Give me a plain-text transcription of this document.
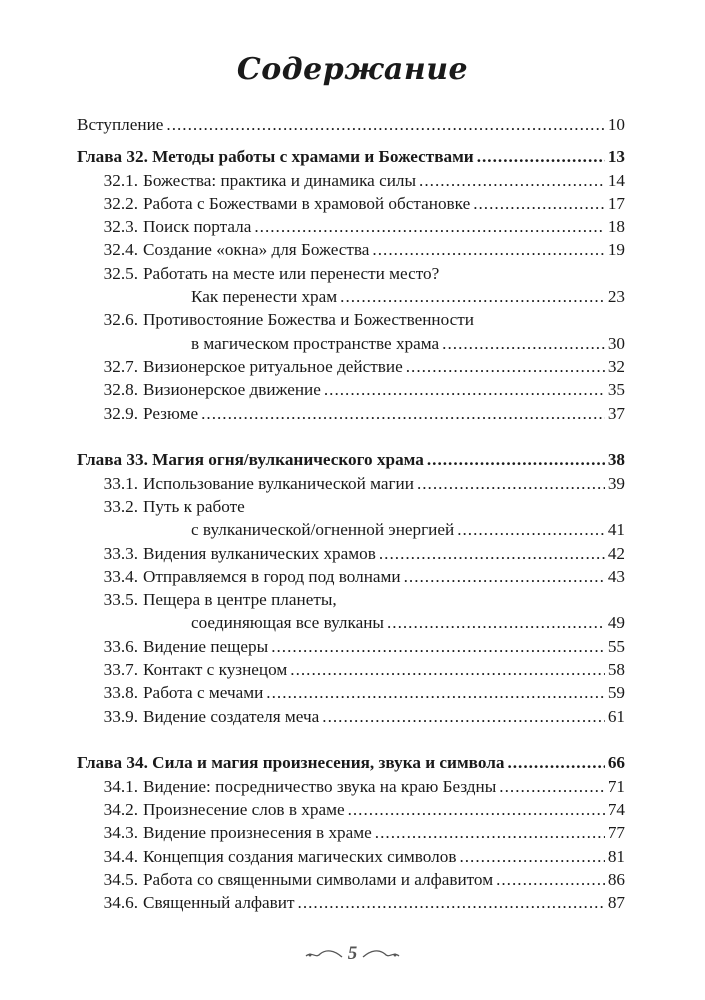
Содержание
Вступление .....	10
Глава 32. Методы работы с храмами и Божествами .....	13
32.1. Божества: практика и динамика силы .....	14
32.2. Работа с Божествами в храмовой обстановке .....	17
32.3. Поиск портала .....	18
32.4. Создание «окна» для Божества .....	19
32.5. Работать на месте или перенести место?
Как перенести храм .....	23
32.6. Противостояние Божества и Божественности
в магическом пространстве храма .....	30
32.7. Визионерское ритуальное действие .....	32
32.8. Визионерское движение .....	35
32.9. Резюме .....	37
Глава 33. Магия огня/вулканического храма .....	38
33.1. Использование вулканической магии .....	39
33.2. Путь к работе
с вулканической/огненной энергией .....	41
33.3. Видения вулканических храмов .....	42
33.4. Отправляемся в город под волнами .....	43
33.5. Пещера в центре планеты,
соединяющая все вулканы .....	49
33.6. Видение пещеры .....	55
33.7. Контакт с кузнецом .....	58
33.8. Работа с мечами .....	59
33.9. Видение создателя меча .....	61
Глава 34. Сила и магия произнесения, звука и символа .....	66
34.1. Видение: посредничество звука на краю Бездны .....	71
34.2. Произнесение слов в храме .....	74
34.3. Видение произнесения в храме .....	77
34.4. Концепция создания магических символов .....	81
34.5. Работа со священными символами и алфавитом .....	86
34.6. Священный алфавит .....	87
5
